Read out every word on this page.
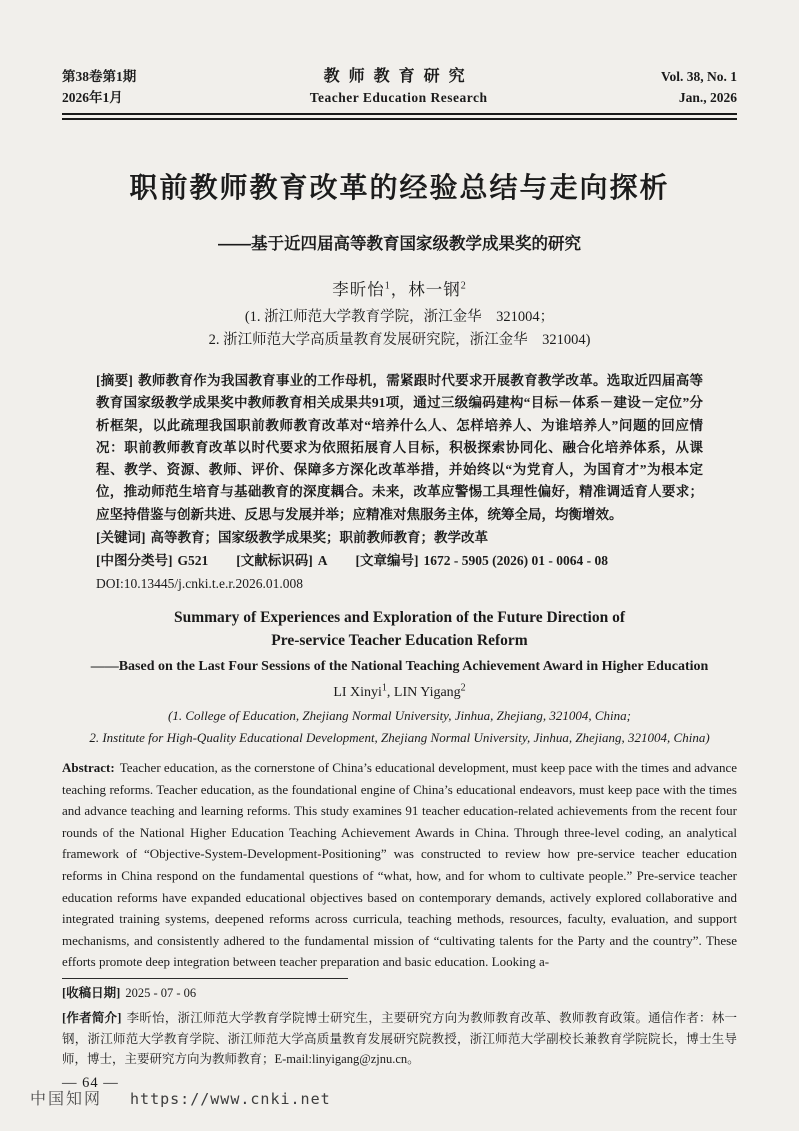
第38卷第1期
2026年1月
教师教育研究
Teacher Education Research
Vol. 38, No. 1
Jan., 2026
职前教师教育改革的经验总结与走向探析
——基于近四届高等教育国家级教学成果奖的研究
李昕怡$^1$，林一钢$^2$
(1. 浙江师范大学教育学院，浙江金华　321004；
2. 浙江师范大学高质量教育发展研究院，浙江金华　321004)
[摘要] 教师教育作为我国教育事业的工作母机，需紧跟时代要求开展教育教学改革。选取近四届高等教育国家级教学成果奖中教师教育相关成果共91项，通过三级编码建构“目标－体系－建设－定位”分析框架，以此疏理我国职前教师教育改革对“培养什么人、怎样培养人、为谁培养人”问题的回应情况：职前教师教育改革以时代要求为依照拓展育人目标，积极探索协同化、融合化培养体系，从课程、教学、资源、教师、评价、保障多方深化改革举措，并始终以“为党育人，为国育才”为根本定位，推动师范生培育与基础教育的深度耦合。未来，改革应警惕工具理性偏好，精准调适育人要求；应坚持借鉴与创新共进、反思与发展并举；应精准对焦服务主体，统筹全局，均衡增效。
[关键词] 高等教育；国家级教学成果奖；职前教师教育；教学改革
[中图分类号] G521 [文献标识码] A [文章编号] 1672 - 5905 (2026) 01 - 0064 - 08
DOI:10.13445/j.cnki.t.e.r.2026.01.008
Summary of Experiences and Exploration of the Future Direction of
Pre-service Teacher Education Reform
——Based on the Last Four Sessions of the National Teaching Achievement Award in Higher Education
LI Xinyi$^1$, LIN Yigang$^2$
(1. College of Education, Zhejiang Normal University, Jinhua, Zhejiang, 321004, China;
2. Institute for High-Quality Educational Development, Zhejiang Normal University, Jinhua, Zhejiang, 321004, China)
Abstract: Teacher education, as the cornerstone of China’s educational development, must keep pace with the times and advance teaching reforms. Teacher education, as the foundational engine of China’s educational endeavors, must keep pace with the times and advance teaching and learning reforms. This study examines 91 teacher education-related achievements from the recent four rounds of the National Higher Education Teaching Achievement Awards in China. Through three-level coding, an analytical framework of “Objective-System-Development-Positioning” was constructed to review how pre-service teacher education reforms in China respond on the fundamental questions of “what, how, and for whom to cultivate people.” Pre-service teacher education reforms have expanded educational objectives based on contemporary demands, actively explored collaborative and integrated training systems, deepened reforms across curricula, teaching methods, resources, faculty, evaluation, and support mechanisms, and consistently adhered to the fundamental mission of “cultivating talents for the Party and the country”. These efforts promote deep integration between teacher preparation and basic education. Looking a-
[收稿日期] 2025 - 07 - 06
[作者简介] 李昕怡，浙江师范大学教育学院博士研究生，主要研究方向为教师教育改革、教师教育政策。通信作者：林一钢，浙江师范大学教育学院、浙江师范大学高质量教育发展研究院教授，浙江师范大学副校长兼教育学院院长，博士生导师，博士，主要研究方向为教师教育；E-mail:linyigang@zjnu.cn。
— 64 —
中国知网 https://www.cnki.net
